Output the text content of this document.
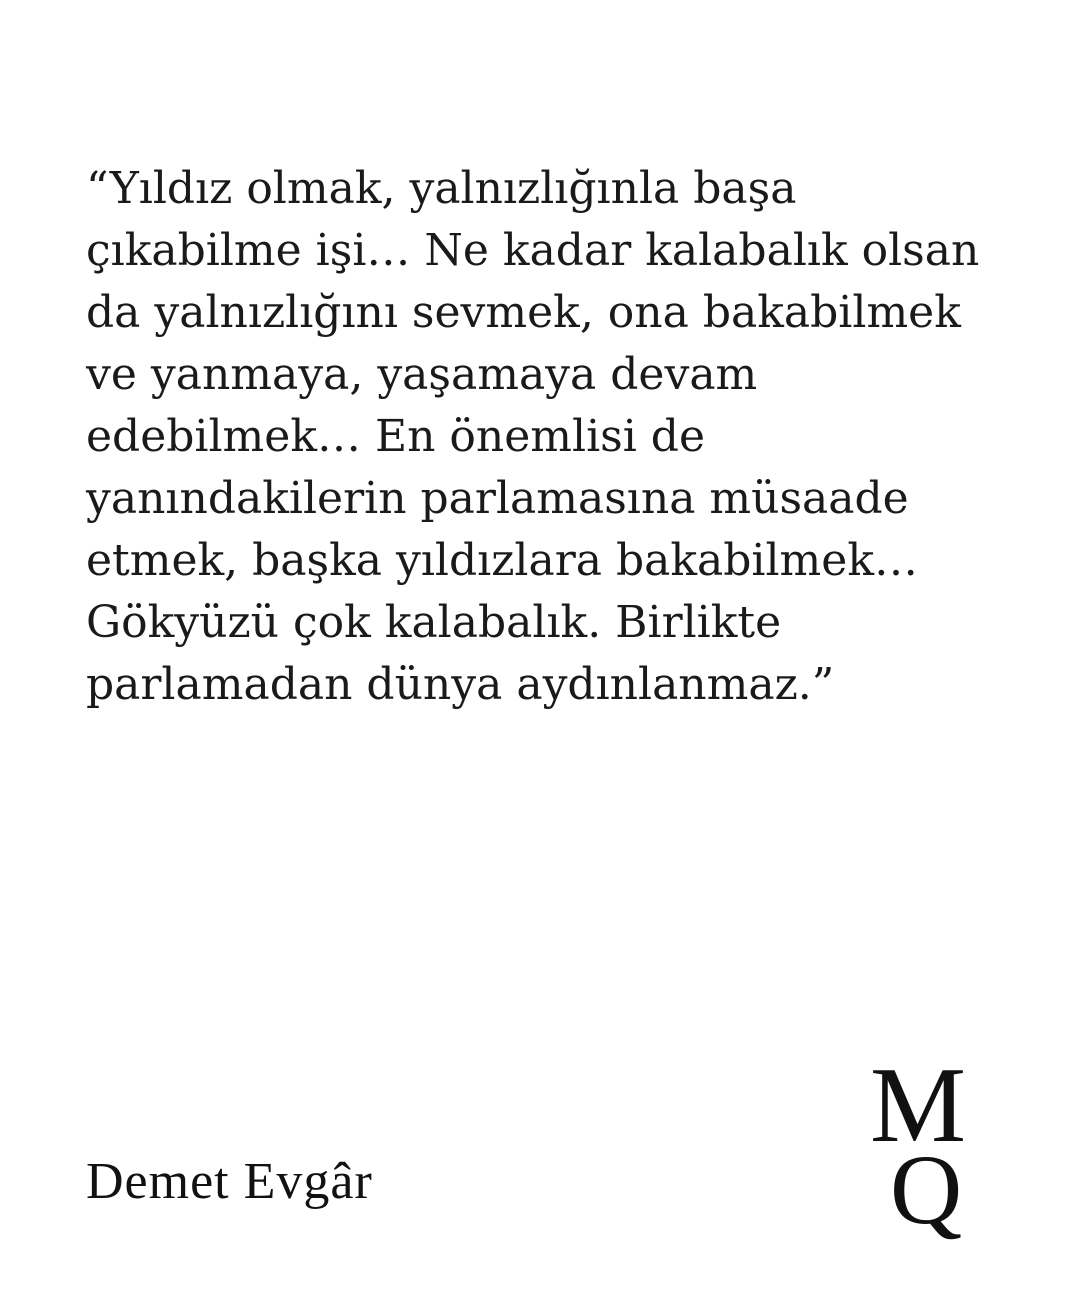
“Yıldız olmak, yalnızlığınla başa
çıkabilme işi… Ne kadar kalabalık olsan
da yalnızlığını sevmek, ona bakabilmek
ve yanmaya, yaşamaya devam
edebilmek… En önemlisi de
yanındakilerin parlamasına müsaade
etmek, başka yıldızlara bakabilmek…
Gökyüzü çok kalabalık. Birlikte
parlamadan dünya aydınlanmaz.”
Demet Evgâr
M
Q
